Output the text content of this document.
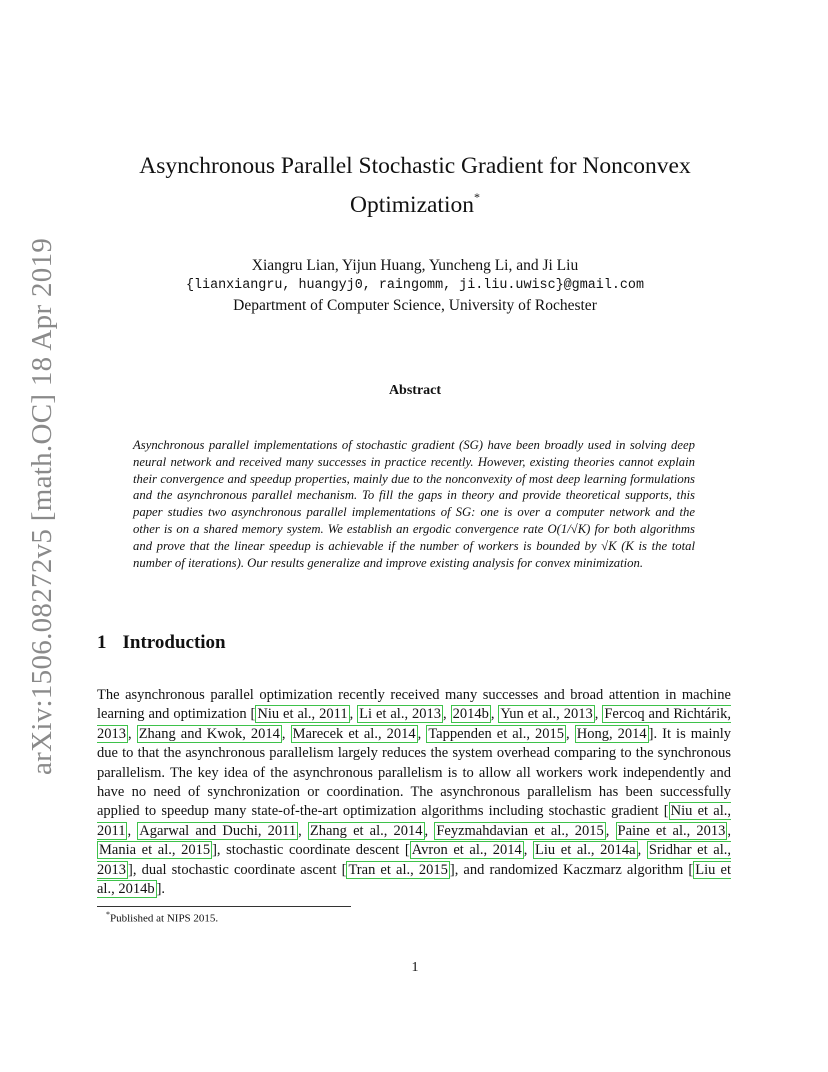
arXiv:1506.08272v5 [math.OC] 18 Apr 2019
Asynchronous Parallel Stochastic Gradient for Nonconvex Optimization*
Xiangru Lian, Yijun Huang, Yuncheng Li, and Ji Liu
{lianxiangru, huangyj0, raingomm, ji.liu.uwisc}@gmail.com
Department of Computer Science, University of Rochester
Abstract
Asynchronous parallel implementations of stochastic gradient (SG) have been broadly used in solving deep neural network and received many successes in practice recently. However, existing theories cannot explain their convergence and speedup properties, mainly due to the nonconvexity of most deep learning formulations and the asynchronous parallel mechanism. To fill the gaps in theory and provide theoretical supports, this paper studies two asynchronous parallel implementations of SG: one is over a computer network and the other is on a shared memory system. We establish an ergodic convergence rate O(1/√K) for both algorithms and prove that the linear speedup is achievable if the number of workers is bounded by √K (K is the total number of iterations). Our results generalize and improve existing analysis for convex minimization.
1 Introduction
The asynchronous parallel optimization recently received many successes and broad attention in machine learning and optimization [ Niu et al., 2011 , Li et al., 2013 , 2014b , Yun et al., 2013 , Fercoq and Richtárik, 2013 , Zhang and Kwok, 2014 , Marecek et al., 2014 , Tappenden et al., 2015 , Hong, 2014 ]. It is mainly due to that the asynchronous parallelism largely reduces the system overhead comparing to the synchronous parallelism. The key idea of the asynchronous parallelism is to allow all workers work independently and have no need of synchronization or coordination. The asynchronous parallelism has been successfully applied to speedup many state-of-the-art optimization algorithms including stochastic gradient [ Niu et al., 2011 , Agarwal and Duchi, 2011 , Zhang et al., 2014 , Feyzmahdavian et al., 2015 , Paine et al., 2013 , Mania et al., 2015 ], stochastic coordinate descent [ Avron et al., 2014 , Liu et al., 2014a , Sridhar et al., 2013 ], dual stochastic coordinate ascent [ Tran et al., 2015 ], and randomized Kaczmarz algorithm [ Liu et al., 2014b ].
*Published at NIPS 2015.
1
